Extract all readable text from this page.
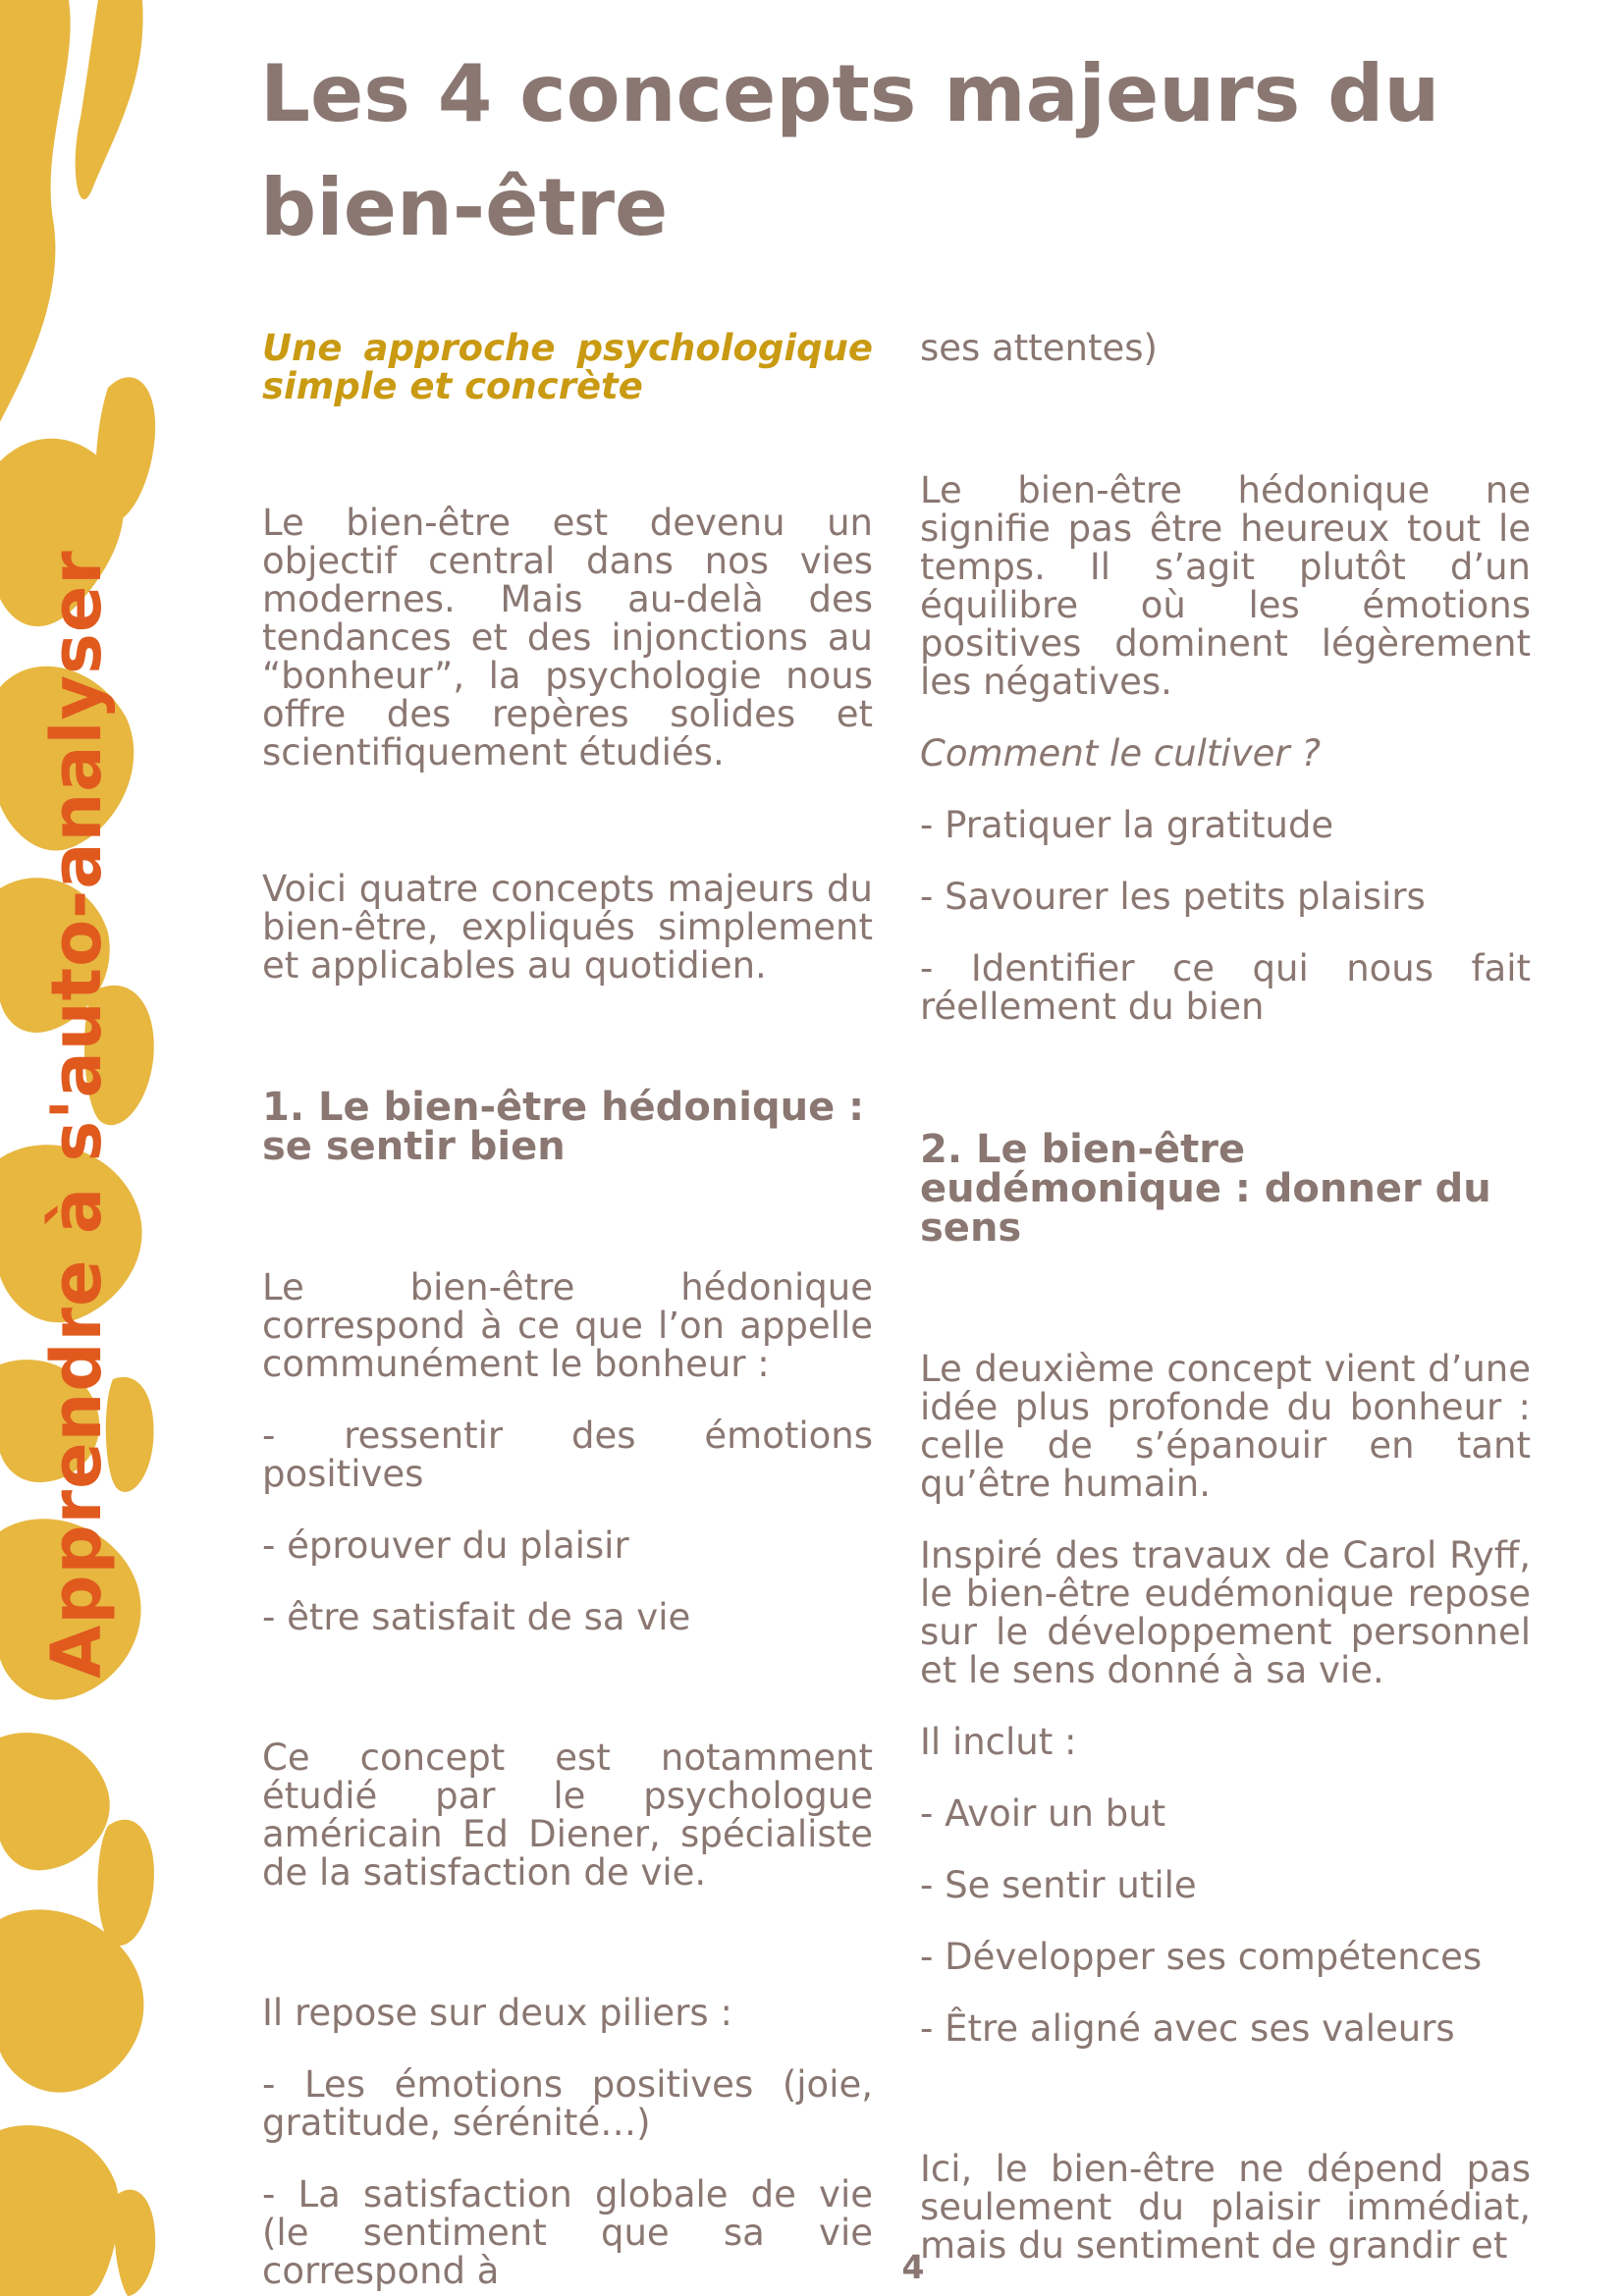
Apprendre à s'auto-analyser
Les 4 concepts majeurs du bien-être

Une approche psychologique simple et concrète

Le bien-être est devenu un objectif central dans nos vies modernes. Mais au-delà des tendances et des injonctions au “bonheur”, la psychologie nous offre des repères solides et scientifiquement étudiés.

Voici quatre concepts majeurs du bien-être, expliqués simplement et applicables au quotidien.

1. Le bien-être hédonique : se sentir bien

Le bien-être hédonique correspond à ce que l’on appelle communément le bonheur :

- ressentir des émotions positives

- éprouver du plaisir

- être satisfait de sa vie

Ce concept est notamment étudié par le psychologue américain Ed Diener, spécialiste de la satisfaction de vie.

Il repose sur deux piliers :

- Les émotions positives (joie, gratitude, sérénité…)

- La satisfaction globale de vie (le sentiment que sa vie correspond à

ses attentes)

Le bien-être hédonique ne signifie pas être heureux tout le temps. Il s’agit plutôt d’un équilibre où les émotions positives dominent légèrement les négatives.

Comment le cultiver ?

- Pratiquer la gratitude

- Savourer les petits plaisirs

- Identifier ce qui nous fait réellement du bien

2. Le bien-être eudémonique : donner du sens

Le deuxième concept vient d’une idée plus profonde du bonheur : celle de s’épanouir en tant qu’être humain.

Inspiré des travaux de Carol Ryff, le bien-être eudémonique repose sur le développement personnel et le sens donné à sa vie.

Il inclut :

- Avoir un but

- Se sentir utile

- Développer ses compétences

- Être aligné avec ses valeurs

Ici, le bien-être ne dépend pas seulement du plaisir immédiat, mais du sentiment de grandir et

4
